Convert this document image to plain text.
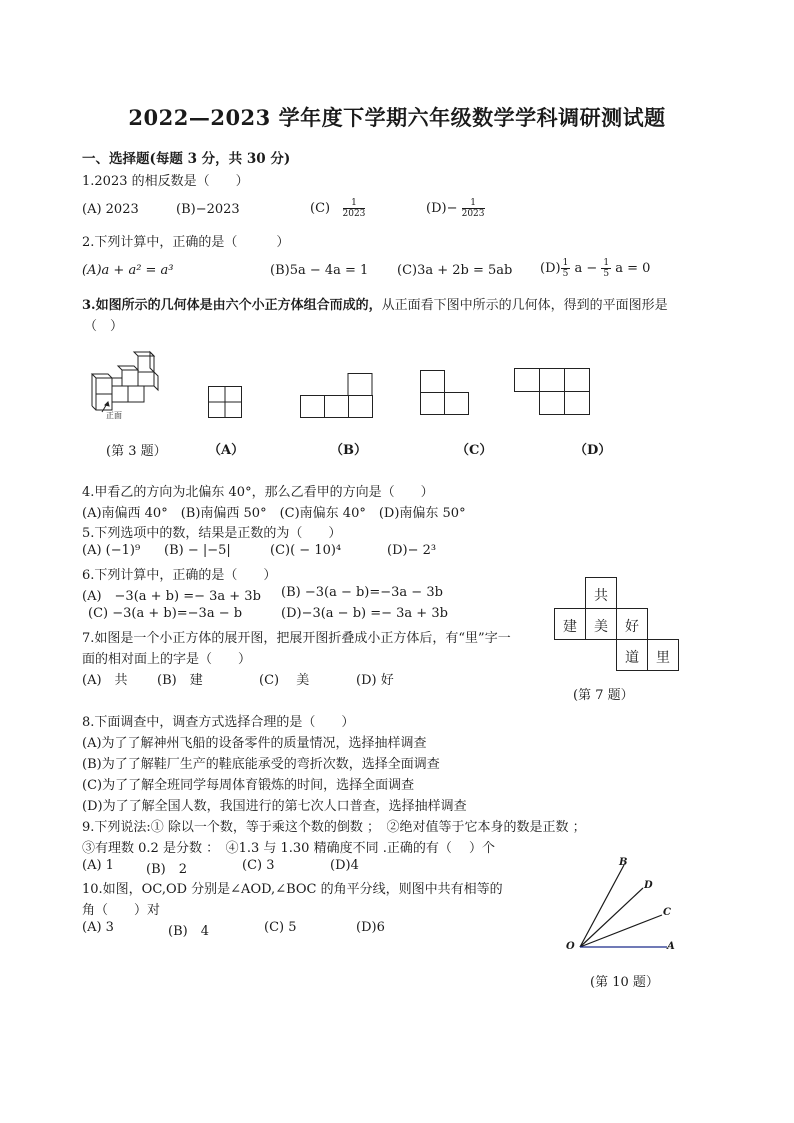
2022—2023 学年度下学期六年级数学学科调研测试题
一、选择题(每题 3 分，共 30 分)
1.2023 的相反数是（　　）
(A) 2023	(B)−2023	$(C) \frac{1}{2023}$	$(D)- \frac{1}{2023}$
2.下列计算中，正确的是（　　　）
(A)a + a² = a³	(B)5a − 4a = 1 (C)3a + 2b = 5ab $(D) \frac{1}{5}$ $a - \frac{1}{5}$ a = 0
3.如图所示的几何体是由六个小正方体组合而成的，从正面看下图中所示的几何体，得到的平面图形是
（　）
正面
(第 3 题）	（A）	（B）	（C）	（D）
4.甲看乙的方向为北偏东 40°，那么乙看甲的方向是（　　）
(A)南偏西 40°　(B)南偏西 50°　(C)南偏东 40°　(D)南偏东 50°
5.下列选项中的数，结果是正数的为（　　）
(A) (−1)⁹ (B) − |−5|	(C)( − 10)⁴	(D)− 2³
6.下列计算中，正确的是（　　）
(A)　−3(a + b) =− 3a + 3b (B) −3(a − b)=−3a − 3b
(C) −3(a + b)=−3a − b	(D)−3(a − b) =− 3a + 3b
7.如图是一个小正方体的展开图，把展开图折叠成小正方体后，有“里”字一
面的相对面上的字是（　　）
(A)　共 (B)　建	(C)　 美	(D) 好
共
建	美	好
道	里
(第 7 题）
8.下面调查中，调查方式选择合理的是（　　）
(A)为了了解神州飞船的设备零件的质量情况，选择抽样调查
(B)为了了解鞋厂生产的鞋底能承受的弯折次数，选择全面调查
(C)为了了解全班同学每周体育锻炼的时间，选择全面调查
(D)为了了解全国人数，我国进行的第七次人口普查，选择抽样调查
9.下列说法:① 除以一个数，等于乘这个数的倒数 ；　②绝对值等于它本身的数是正数 ；
③有理数 0.2 是分数 ：　④1.3 与 1.30 精确度不同 .正确的有（　 ）个
(A) 1 (B)　2	(C) 3	(D)4
10.如图，OC,OD 分别是∠AOD,∠BOC 的角平分线，则图中共有相等的
角（　　）对
(A) 3	(B)　4	(C) 5	(D)6
B
D
C
O	A
(第 10 题）
